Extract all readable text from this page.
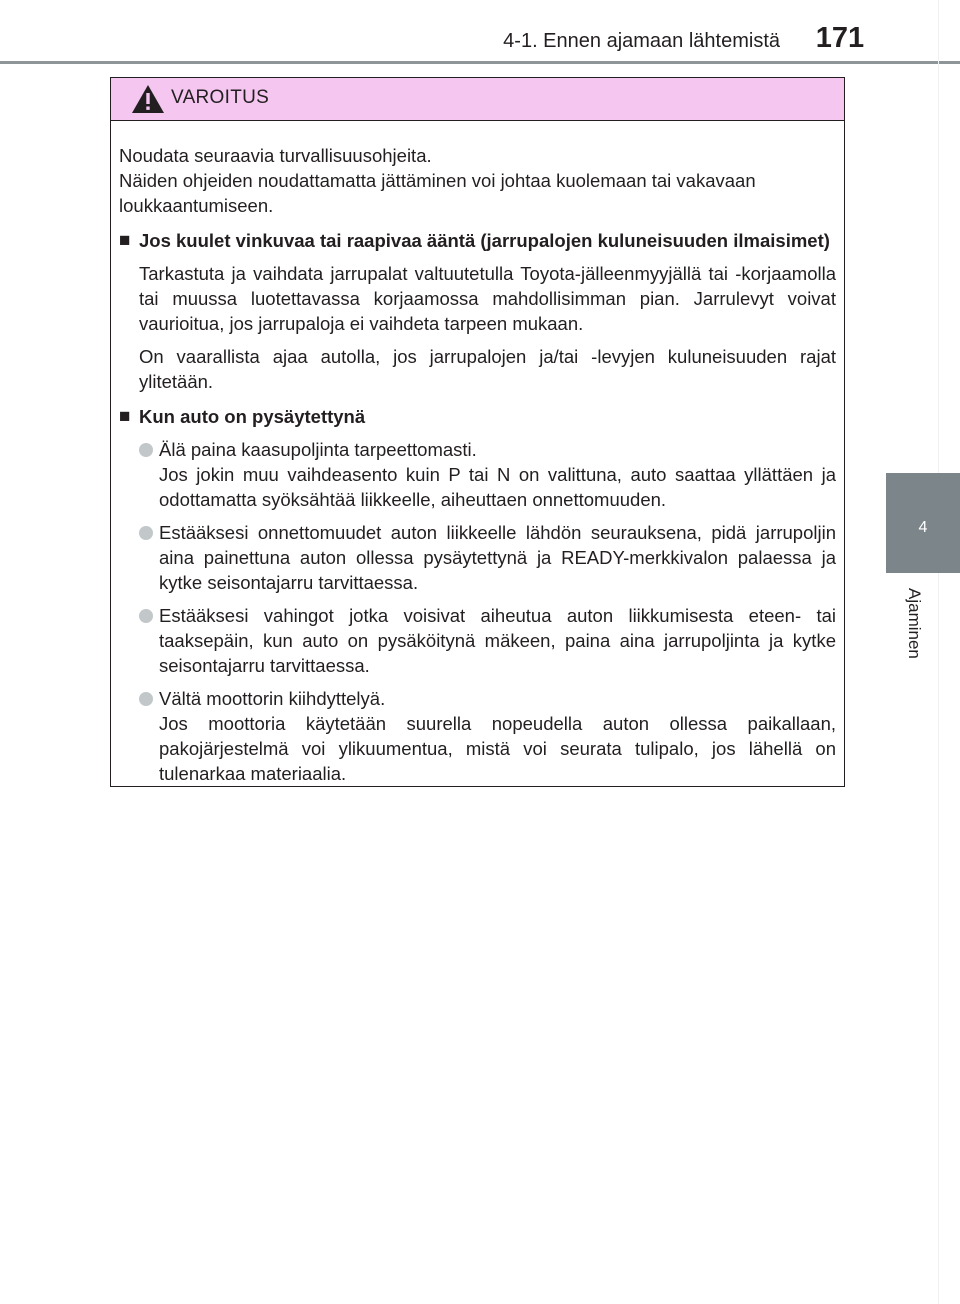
4-1. Ennen ajamaan lähtemistä	171
4
Ajaminen
VAROITUS

Noudata seuraavia turvallisuusohjeita.

Näiden ohjeiden noudattamatta jättäminen voi johtaa kuolemaan tai vakavaan loukkaantumiseen.

■ Jos kuulet vinkuvaa tai raapivaa ääntä (jarrupalojen kuluneisuuden ilmaisimet)

Tarkastuta ja vaihdata jarrupalat valtuutetulla Toyota-jälleenmyyjällä tai -korjaamolla tai muussa luotettavassa korjaamossa mahdollisimman pian. Jarrulevyt voivat vaurioitua, jos jarrupaloja ei vaihdeta tarpeen mukaan.

On vaarallista ajaa autolla, jos jarrupalojen ja/tai -levyjen kuluneisuuden rajat ylitetään.

■ Kun auto on pysäytettynä

Älä paina kaasupoljinta tarpeettomasti.

Jos jokin muu vaihdeasento kuin P tai N on valittuna, auto saattaa yllättäen ja odottamatta syöksähtää liikkeelle, aiheuttaen onnettomuuden.

Estääksesi onnettomuudet auton liikkeelle lähdön seurauksena, pidä jarrupoljin aina painettuna auton ollessa pysäytettynä ja READY-merkkivalon palaessa ja kytke seisontajarru tarvittaessa.

Estääksesi vahingot jotka voisivat aiheutua auton liikkumisesta eteen- tai taaksepäin, kun auto on pysäköitynä mäkeen, paina aina jarrupoljinta ja kytke seisontajarru tarvittaessa.

Vältä moottorin kiihdyttelyä.

Jos moottoria käytetään suurella nopeudella auton ollessa paikallaan, pakojärjestelmä voi ylikuumentua, mistä voi seurata tulipalo, jos lähellä on tulenarkaa materiaalia.
